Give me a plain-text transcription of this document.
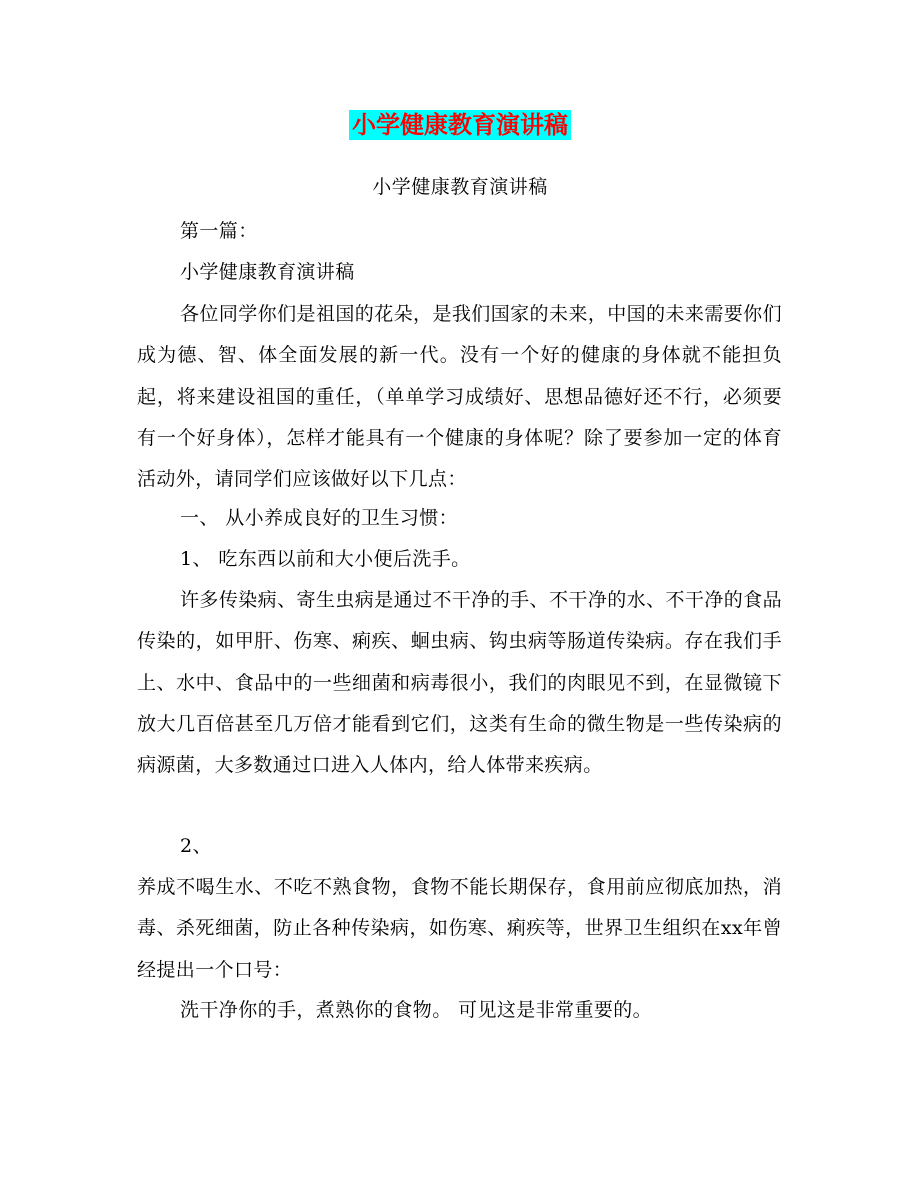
小学健康教育演讲稿
小学健康教育演讲稿
第一篇：
小学健康教育演讲稿
各位同学你们是祖国的花朵，是我们国家的未来，中国的未来需要你们成为德、智、体全面发展的新一代。没有一个好的健康的身体就不能担负起，将来建设祖国的重任，（单单学习成绩好、思想品德好还不行，必须要有一个好身体），怎样才能具有一个健康的身体呢？除了要参加一定的体育活动外，请同学们应该做好以下几点：
一、 从小养成良好的卫生习惯：
1、 吃东西以前和大小便后洗手。
许多传染病、寄生虫病是通过不干净的手、不干净的水、不干净的食品传染的，如甲肝、伤寒、痢疾、蛔虫病、钩虫病等肠道传染病。存在我们手上、水中、食品中的一些细菌和病毒很小，我们的肉眼见不到，在显微镜下放大几百倍甚至几万倍才能看到它们，这类有生命的微生物是一些传染病的病源菌，大多数通过口进入人体内，给人体带来疾病。
2、
养成不喝生水、不吃不熟食物，食物不能长期保存，食用前应彻底加热，消毒、杀死细菌，防止各种传染病，如伤寒、痢疾等，世界卫生组织在xx年曾经提出一个口号：
洗干净你的手，煮熟你的食物。 可见这是非常重要的。
